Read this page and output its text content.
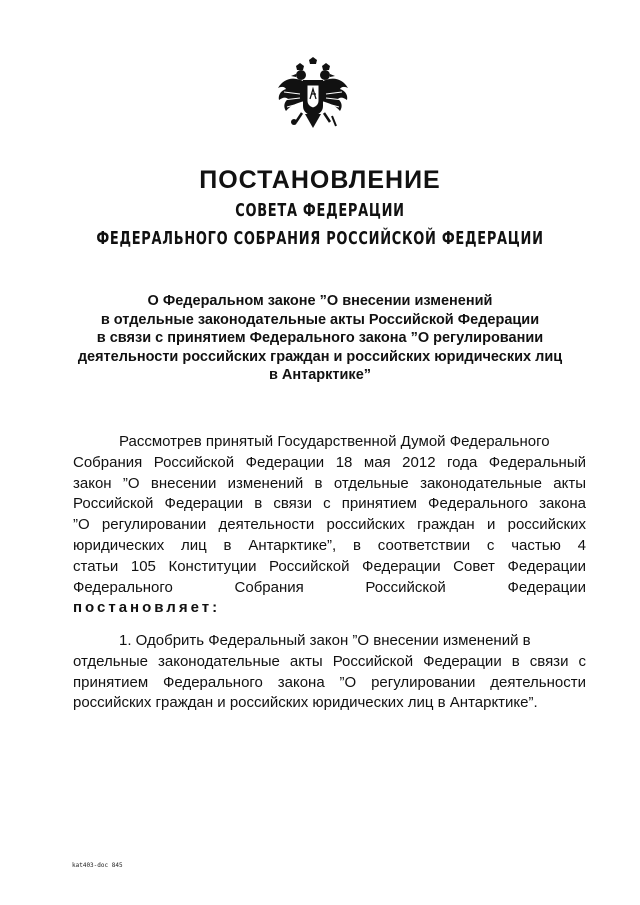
ПОСТАНОВЛЕНИЕ
СОВЕТА ФЕДЕРАЦИИ
ФЕДЕРАЛЬНОГО СОБРАНИЯ РОССИЙСКОЙ ФЕДЕРАЦИИ
О Федеральном законе ”О внесении изменений
в отдельные законодательные акты Российской Федерации
в связи с принятием Федерального закона ”О регулировании
деятельности российских граждан и российских юридических лиц
в Антарктике”
Рассмотрев принятый Государственной Думой Федерального
Собрания Российской Федерации 18 мая 2012 года Федеральный
закон ”О внесении изменений в отдельные законодательные акты
Российской Федерации в связи с принятием Федерального закона
”О регулировании деятельности российских граждан и российских
юридических лиц в Антарктике”, в соответствии с частью 4
статьи 105 Конституции Российской Федерации Совет Федерации
Федерального Собрания Российской Федерации
постановляет:
1. Одобрить Федеральный закон ”О внесении изменений в
отдельные законодательные акты Российской Федерации в связи с
принятием Федерального закона ”О регулировании деятельности
российских граждан и российских юридических лиц в Антарктике”.
kat403-doc 845
